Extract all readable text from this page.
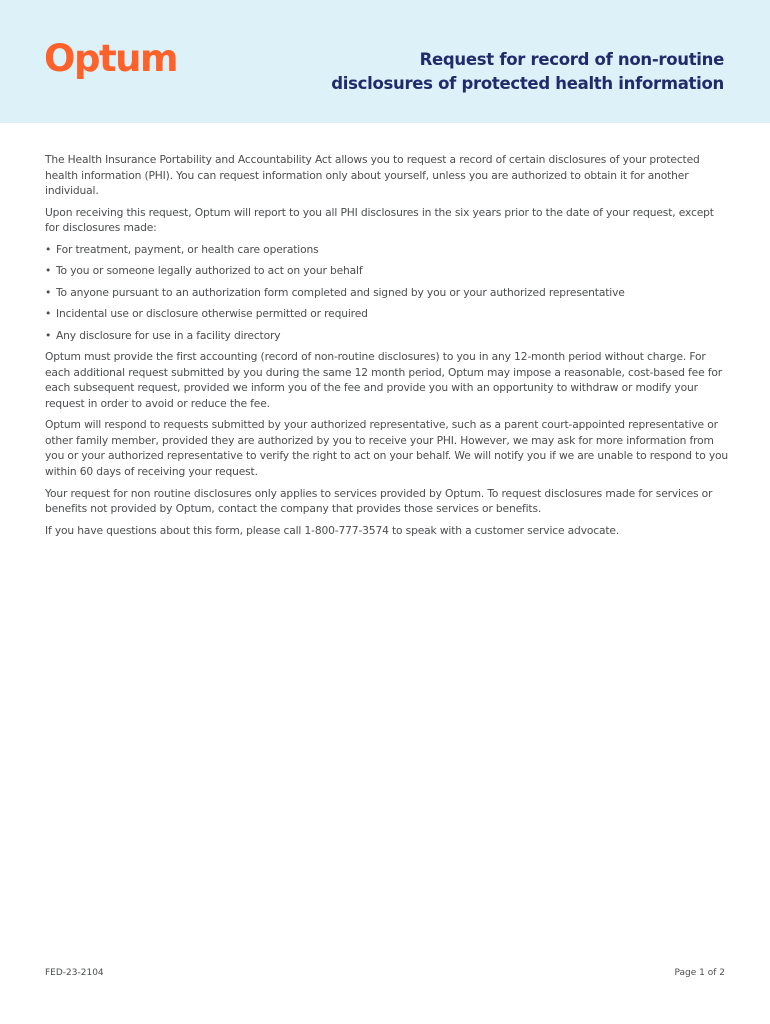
Optum	Request for record of non-routine
disclosures of protected health information

The Health Insurance Portability and Accountability Act allows you to request a record of certain disclosures of your protected health information (PHI). You can request information only about yourself, unless you are authorized to obtain it for another individual.

Upon receiving this request, Optum will report to you all PHI disclosures in the six years prior to the date of your request, except for disclosures made:

• For treatment, payment, or health care operations
• To you or someone legally authorized to act on your behalf
• To anyone pursuant to an authorization form completed and signed by you or your authorized representative
• Incidental use or disclosure otherwise permitted or required
• Any disclosure for use in a facility directory

Optum must provide the first accounting (record of non-routine disclosures) to you in any 12-month period without charge. For each additional request submitted by you during the same 12 month period, Optum may impose a reasonable, cost-based fee for each subsequent request, provided we inform you of the fee and provide you with an opportunity to withdraw or modify your request in order to avoid or reduce the fee.

Optum will respond to requests submitted by your authorized representative, such as a parent court-appointed representative or other family member, provided they are authorized by you to receive your PHI. However, we may ask for more information from you or your authorized representative to verify the right to act on your behalf. We will notify you if we are unable to respond to you within 60 days of receiving your request.

Your request for non routine disclosures only applies to services provided by Optum. To request disclosures made for services or benefits not provided by Optum, contact the company that provides those services or benefits.

If you have questions about this form, please call 1-800-777-3574 to speak with a customer service advocate.

FED-23-2104	Page 1 of 2
